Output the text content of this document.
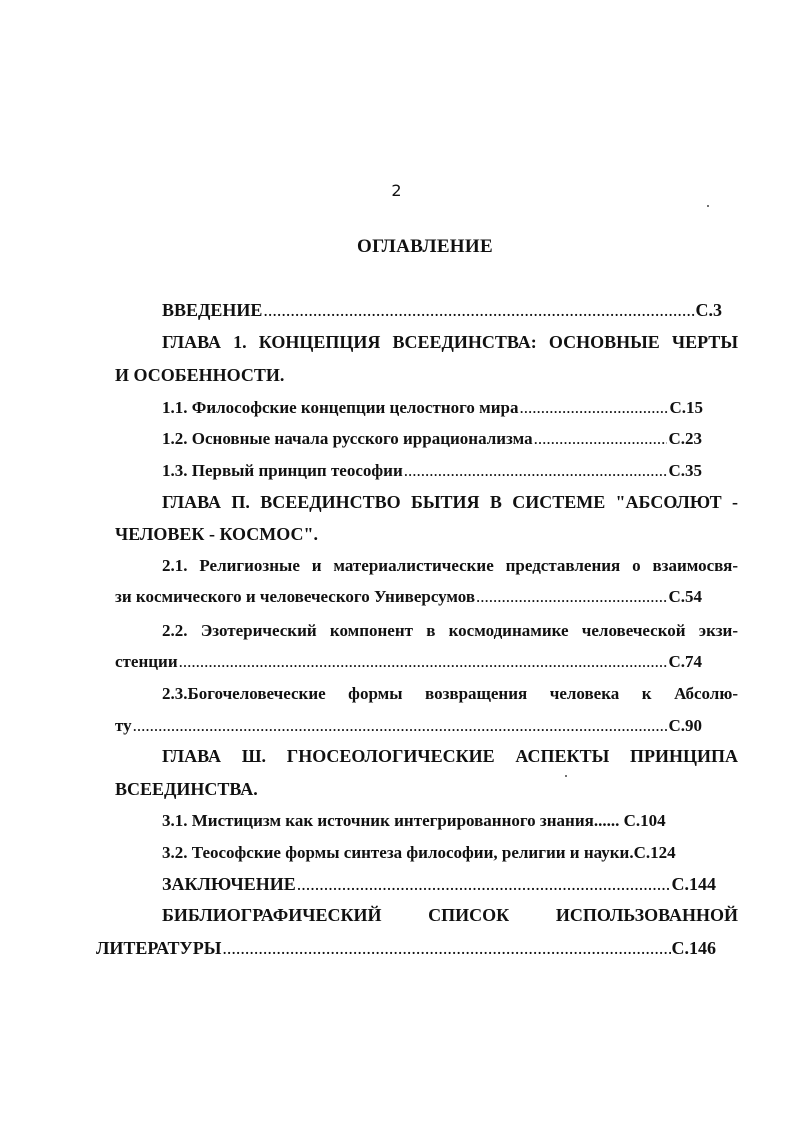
2
ОГЛАВЛЕНИЕ
ВВЕДЕНИЕ .....	С.3
ГЛАВА 1. КОНЦЕПЦИЯ ВСЕЕДИНСТВА: ОСНОВНЫЕ ЧЕРТЫ
И ОСОБЕННОСТИ.
1.1. Философские концепции целостного мира .....	С.15
1.2. Основные начала русского иррационализма .....	С.23
1.3. Первый принцип теософии .....	С.35
ГЛАВА П. ВСЕЕДИНСТВО БЫТИЯ В СИСТЕМЕ "АБСОЛЮТ -
ЧЕЛОВЕК - КОСМОС".
2.1. Религиозные и материалистические представления о взаимосвя-
зи космического и человеческого Универсумов .....	С.54
2.2. Эзотерический компонент в космодинамике человеческой экзи-
стенции .....	С.74
2.3.Богочеловеческие формы возвращения человека к Абсолю-
ту .....	С.90
ГЛАВА Ш. ГНОСЕОЛОГИЧЕСКИЕ АСПЕКТЫ ПРИНЦИПА
ВСЕЕДИНСТВА.
3.1. Мистицизм как источник интегрированного знания...... С.104
3.2. Теософские формы синтеза философии, религии и науки.С.124
ЗАКЛЮЧЕНИЕ .....	С.144
БИБЛИОГРАФИЧЕСКИЙ СПИСОК ИСПОЛЬЗОВАННОЙ
ЛИТЕРАТУРЫ .....	С.146
